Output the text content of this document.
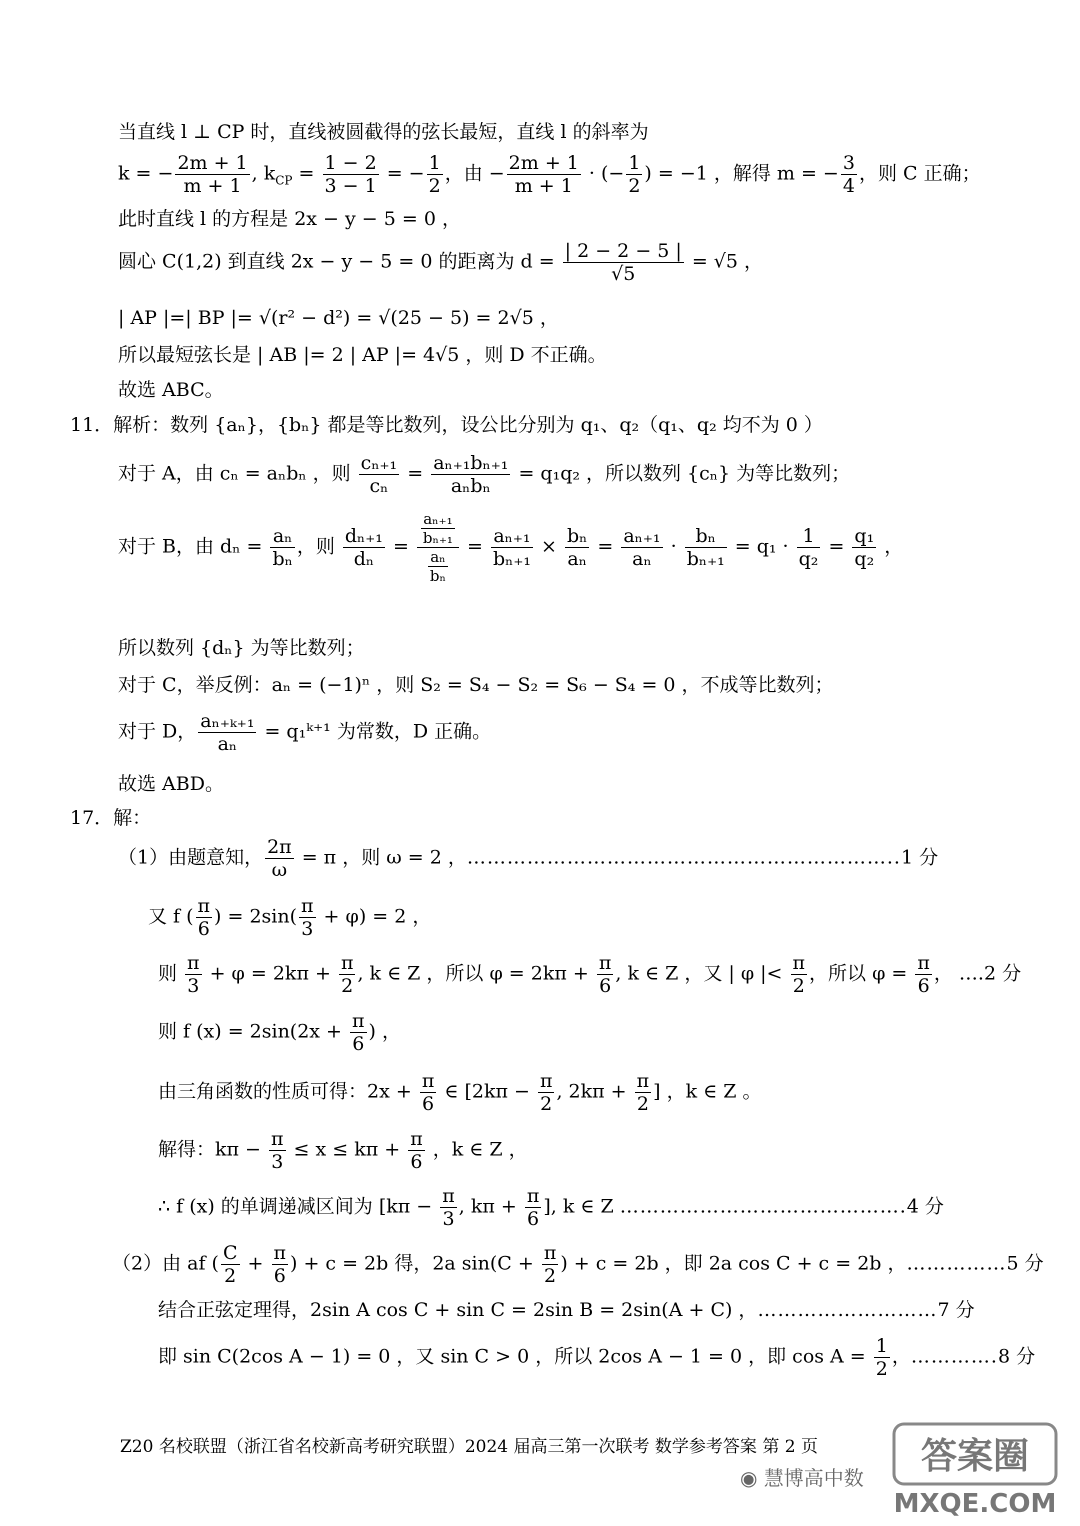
当直线 l ⊥ CP 时，直线被圆截得的弦长最短，直线 l 的斜率为
k = − $\frac{2m + 1}{m + 1}$ , $k_{CP} = \frac{1 - 2}{3 - 1}$ = − $\frac{1}{2}$ ，由 − $\frac{2m + 1}{m + 1}$ · (− $\frac{1}{2}$ ) = −1 ，解得 m = − $\frac{3}{4}$ ，则 C 正确；
此时直线 l 的方程是 2x − y − 5 = 0 ，
圆心 C(1,2) 到直线 2x − y − 5 = 0 的距离为 $d = \frac{| 2 - 2 - 5 |}{√5} = √5$ ，
| AP |=| BP |= √(r² − d²) = √(25 − 5) = 2√5 ，
所以最短弦长是 | AB |= 2 | AP |= 4√5 ，则 D 不正确。
故选 ABC。
11．解析：数列 {aₙ}，{bₙ} 都是等比数列，设公比分别为 q₁、q₂（q₁、q₂ 均不为 0 ）
对于 A，由 cₙ = aₙbₙ ，则 $\frac{\text{cₙ₊₁}}{\text{cₙ}} = \frac{\text{aₙ₊₁bₙ₊₁}}{\text{aₙbₙ}} = q_1q_2$ ，所以数列 {cₙ} 为等比数列；
对于 B，由 $d_n = \frac{\text{aₙ}}{\text{bₙ}}$ ，则 $\frac{\text{dₙ₊₁}}{\text{dₙ}} = \frac{\frac{\text{aₙ₊₁}}{\text{bₙ₊₁}}}{\frac{\text{aₙ}}{\text{bₙ}}} = \frac{\text{aₙ₊₁}}{\text{bₙ₊₁}} \times \frac{\text{bₙ}}{\text{aₙ}} = \frac{\text{aₙ₊₁}}{\text{aₙ}} \cdot \frac{\text{bₙ}}{\text{bₙ₊₁}} = q_1 \cdot \frac{1}{\text{q₂}} = \frac{\text{q₁}}{\text{q₂}}$ ，
所以数列 {dₙ} 为等比数列；
对于 C，举反例：aₙ = (−1)ⁿ ，则 S₂ = S₄ − S₂ = S₆ − S₄ = 0 ，不成等比数列；
对于 D， $\frac{\text{aₙ₊ₖ₊₁}}{\text{aₙ}}$ = q₁ᵏ⁺¹ 为常数，D 正确。
故选 ABD。
17．解：
（1）由题意知， $\frac{2\pi}{\omega} = \pi$ ，则 ω = 2 ，………………………………………………………..1 分
又 f ( $\frac{\pi}{6}$ ) = $2\sin( \frac{\pi}{3} + \varphi) = 2$ ，
则 $\frac{\pi}{3} + \varphi = 2k\pi + \frac{\pi}{2}$ , k ∈ Z ，所以 $\varphi = 2k\pi + \frac{\pi}{6}$ , k ∈ Z ，又 | φ |< $\frac{\pi}{2}$ ，所以 $\varphi = \frac{\pi}{6}$ ， ….2 分
则 f $(x) = 2\sin(2x + \frac{\pi}{6}$ ) ，
由三角函数的性质可得：$2x + \frac{\pi}{6}$ ∈ [$2k\pi - \frac{\pi}{2}$ , $2k\pi + \frac{\pi}{2}$ ] ，k ∈ Z 。
解得：$k\pi - \frac{\pi}{3} \le x \le k\pi + \frac{\pi}{6}$ ，k ∈ Z ，
∴ f (x) 的单调递减区间为 [$k\pi - \frac{\pi}{3}$ , $k\pi + \frac{\pi}{6}$ ], k ∈ Z …………………………………….4 分
（2）由 af ( $\frac{C}{2} + \frac{\pi}{6}$ ) + c = 2b 得，2a $\sin(C + \frac{\pi}{2}$ ) + c = 2b ，即 2a cos C + c = 2b ，……………5 分
结合正弦定理得，2sin A cos C + sin C = 2sin B = 2sin(A + C) ，………………………7 分
即 sin C(2cos A − 1) = 0 ，又 sin C > 0 ，所以 2cos A − 1 = 0 ，即 $\cos A = \frac{1}{2}$ ，………….8 分
Z20 名校联盟（浙江省名校新高考研究联盟）2024 届高三第一次联考 数学参考答案 第 2 页
◉ 慧博高中数
答案圈
MXQE.COM
